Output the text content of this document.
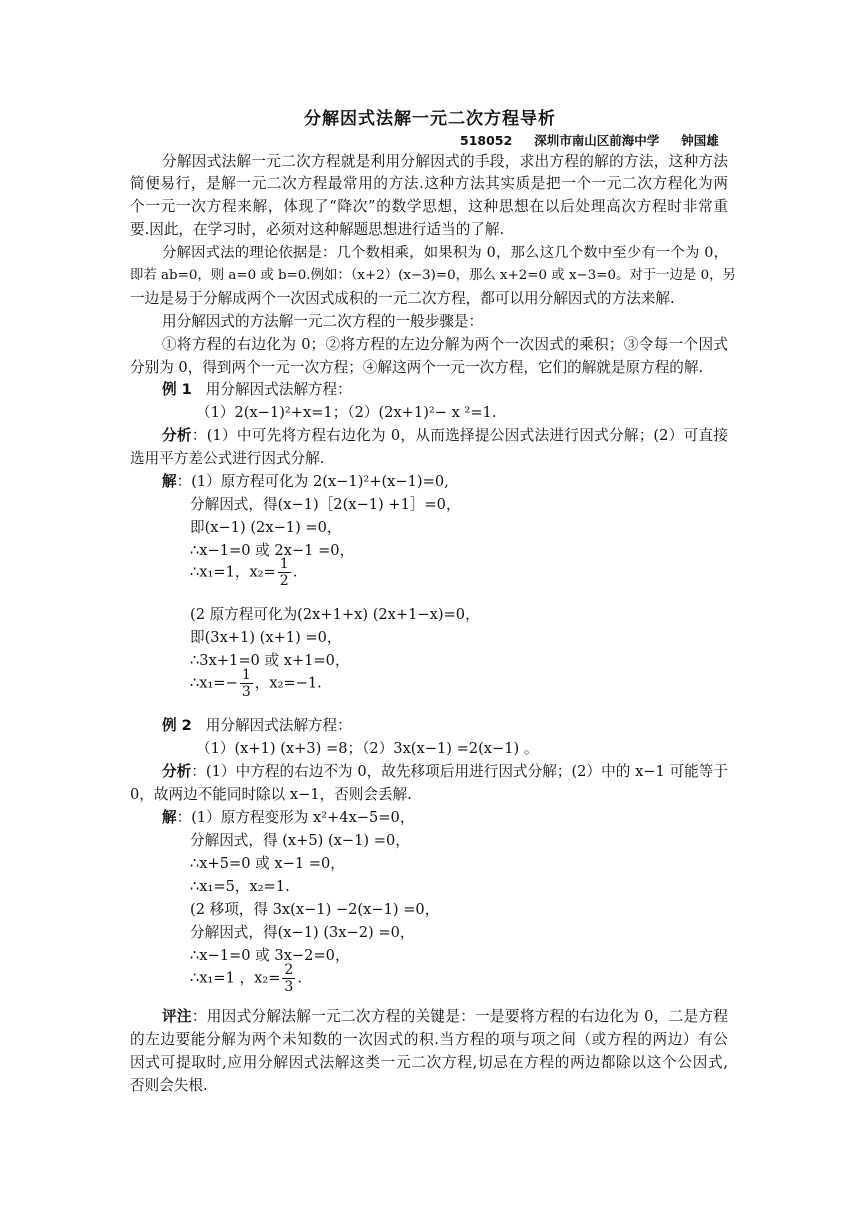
分解因式法解一元二次方程导析
518052 深圳市南山区前海中学 钟国雄
分解因式法解一元二次方程就是利用分解因式的手段，求出方程的解的方法，这种方法
简便易行，是解一元二次方程最常用的方法.这种方法其实质是把一个一元二次方程化为两
个一元一次方程来解，体现了“降次”的数学思想，这种思想在以后处理高次方程时非常重
要.因此，在学习时，必须对这种解题思想进行适当的了解.
分解因式法的理论依据是：几个数相乘，如果积为 0，那么这几个数中至少有一个为 0，
即若 ab=0，则 a=0 或 b=0.例如：（x+2）(x−3)=0，那么 x+2=0 或 x−3=0。对于一边是 0，另
一边是易于分解成两个一次因式成积的一元二次方程，都可以用分解因式的方法来解.
用分解因式的方法解一元二次方程的一般步骤是：
①将方程的右边化为 0；②将方程的左边分解为两个一次因式的乘积；③令每一个因式
分别为 0，得到两个一元一次方程；④解这两个一元一次方程，它们的解就是原方程的解.
例 1 用分解因式法解方程：
（1）2(x−1)²+x=1；（2）(2x+1)²− x ²=1.
分析：(1）中可先将方程右边化为 0，从而选择提公因式法进行因式分解；(2）可直接
选用平方差公式进行因式分解.
解：(1）原方程可化为 2(x−1)²+(x−1)=0,
分解因式，得(x−1)［2(x−1) +1］=0，
即(x−1) (2x−1) =0，
∴x−1=0 或 2x−1 =0，
∴x₁=1，$x_2= \frac{1}{2}$ .
(2 原方程可化为(2x+1+x) (2x+1−x)=0，
即(3x+1) (x+1) =0，
∴3x+1=0 或 x+1=0，
∴x₁=− $\frac{1}{3}$ ，x₂=−1.
例 2 用分解因式法解方程：
（1）(x+1) (x+3) =8；（2）3x(x−1) =2(x−1) 。
分析：(1）中方程的右边不为 0，故先移项后用进行因式分解；(2）中的 x−1 可能等于
0，故两边不能同时除以 x−1，否则会丢解.
解：(1）原方程变形为 x²+4x−5=0，
分解因式，得 (x+5) (x−1) =0，
∴x+5=0 或 x−1 =0，
∴x₁=5，x₂=1.
(2 移项，得 3x(x−1) −2(x−1) =0，
分解因式，得(x−1) (3x−2) =0，
∴x−1=0 或 3x−2=0，
∴x₁=1 ，$x_2= \frac{2}{3}$ .
评注：用因式分解法解一元二次方程的关键是：一是要将方程的右边化为 0，二是方程
的左边要能分解为两个未知数的一次因式的积.当方程的项与项之间（或方程的两边）有公
因式可提取时,应用分解因式法解这类一元二次方程,切忌在方程的两边都除以这个公因式,
否则会失根.
